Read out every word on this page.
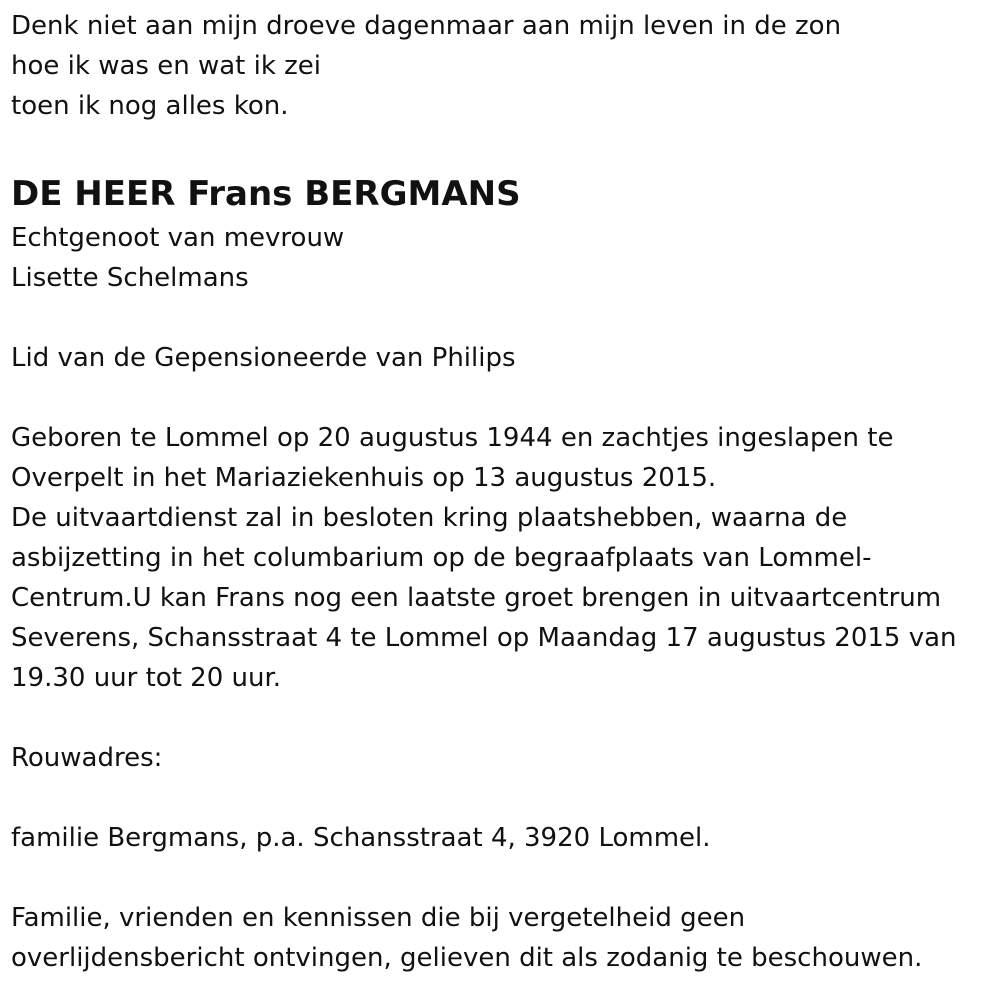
Denk niet aan mijn droeve dagenmaar aan mijn leven in de zon
hoe ik was en wat ik zei
toen ik nog alles kon.
DE HEER Frans BERGMANS
Echtgenoot van mevrouw
Lisette Schelmans
Lid van de Gepensioneerde van Philips
Geboren te Lommel op 20 augustus 1944 en zachtjes ingeslapen te
Overpelt in het Mariaziekenhuis op 13 augustus 2015.
De uitvaartdienst zal in besloten kring plaatshebben, waarna de
asbijzetting in het columbarium op de begraafplaats van Lommel-
Centrum.U kan Frans nog een laatste groet brengen in uitvaartcentrum
Severens, Schansstraat 4 te Lommel op Maandag 17 augustus 2015 van
19.30 uur tot 20 uur.
Rouwadres:
familie Bergmans, p.a. Schansstraat 4, 3920 Lommel.
Familie, vrienden en kennissen die bij vergetelheid geen
overlijdensbericht ontvingen, gelieven dit als zodanig te beschouwen.
